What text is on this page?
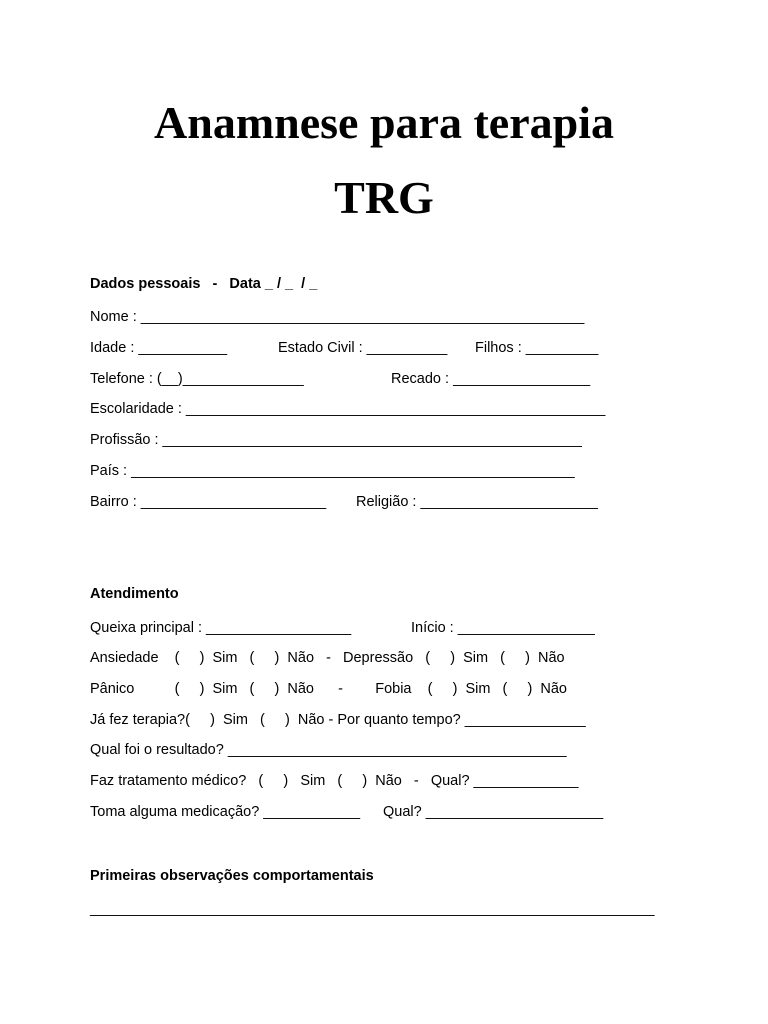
Anamnese para terapia
TRG
Dados pessoais   -   Data _ / _  / _
Nome : _______________________________________________________
Idade : ___________	Estado Civil : __________ Filhos : _________
Telefone : (__)_______________	Recado : _________________
Escolaridade : ____________________________________________________
Profissão : ____________________________________________________
País : _______________________________________________________
Bairro : _______________________ Religião : ______________________
Atendimento
Queixa principal : __________________	Início : _________________
Ansiedade    (     )  Sim   (     )  Não   -   Depressão   (     )  Sim   (     )  Não
Pânico          (     )  Sim   (     )  Não      -        Fobia    (     )  Sim   (     )  Não
Já fez terapia?(     )  Sim   (     )  Não - Por quanto tempo? _______________
Qual foi o resultado? __________________________________________
Faz tratamento médico?   (     )   Sim   (     )  Não   -   Qual? _____________
Toma alguma medicação? ____________ Qual? ______________________
Primeiras observações comportamentais
______________________________________________________________________
